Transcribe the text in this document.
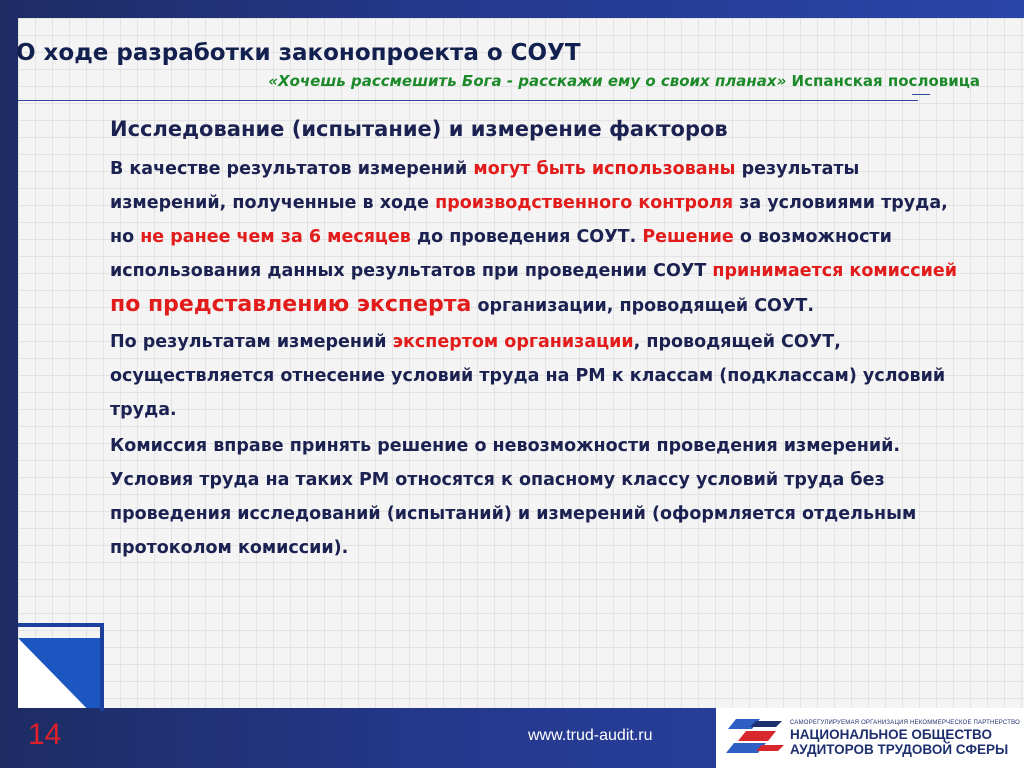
О ходе разработки законопроекта о СОУТ
«Хочешь рассмешить Бога - расскажи ему о своих планах» Испанская пословица
Исследование (испытание) и измерение факторов
В качестве результатов измерений могут быть использованы результаты измерений, полученные в ходе производственного контроля за условиями труда, но не ранее чем за 6 месяцев до проведения СОУТ. Решение о возможности использования данных результатов при проведении СОУТ принимается комиссией по представлению эксперта организации, проводящей СОУТ.
По результатам измерений экспертом организации, проводящей СОУТ, осуществляется отнесение условий труда на РМ к классам (подклассам) условий труда.
Комиссия вправе принять решение о невозможности проведения измерений. Условия труда на таких РМ относятся к опасному классу условий труда без проведения исследований (испытаний) и измерений (оформляется отдельным протоколом комиссии).
14	www.trud-audit.ru
САМОРЕГУЛИРУЕМАЯ ОРГАНИЗАЦИЯ НЕКОММЕРЧЕСКОЕ ПАРТНЕРСТВО
НАЦИОНАЛЬНОЕ ОБЩЕСТВО
АУДИТОРОВ ТРУДОВОЙ СФЕРЫ
